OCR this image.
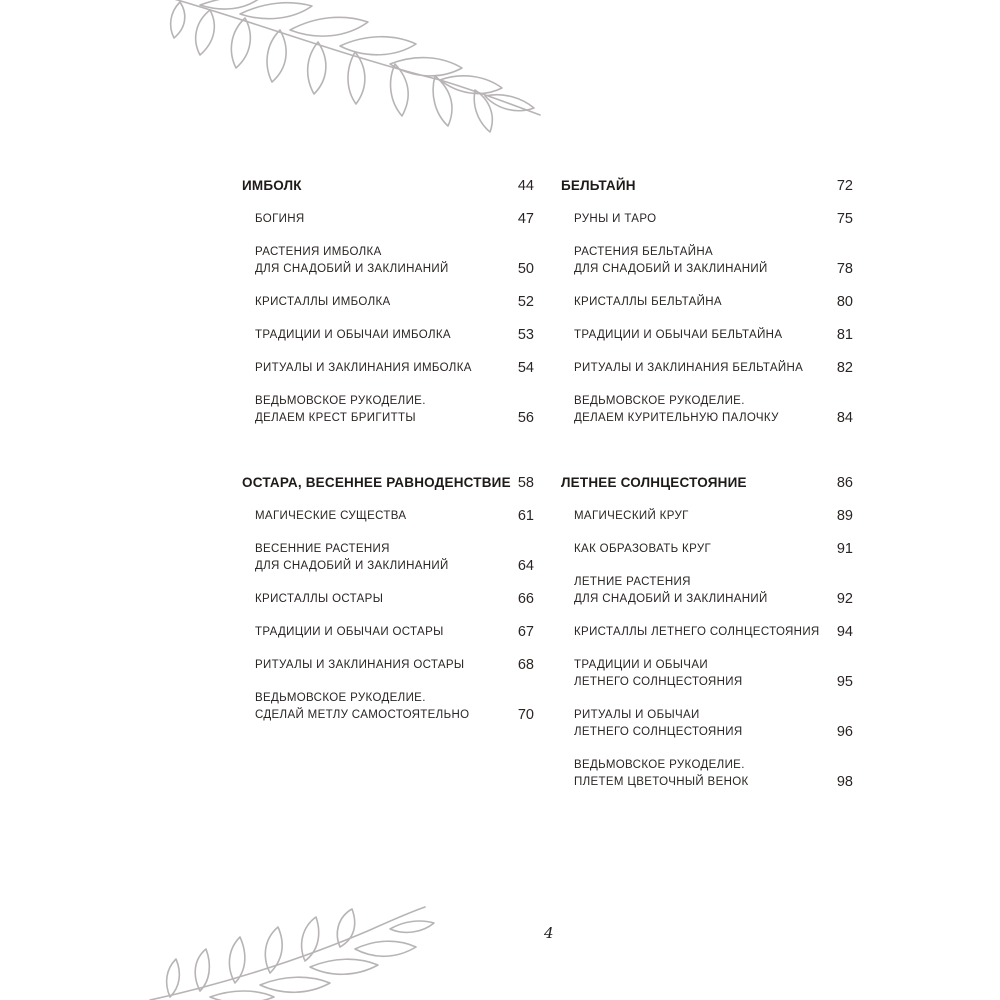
ИМБОЛК	44
БОГИНЯ	47
РАСТЕНИЯ ИМБОЛКА
ДЛЯ СНАДОБИЙ И ЗАКЛИНАНИЙ	50
КРИСТАЛЛЫ ИМБОЛКА	52
ТРАДИЦИИ И ОБЫЧАИ ИМБОЛКА	53
РИТУАЛЫ И ЗАКЛИНАНИЯ ИМБОЛКА	54
ВЕДЬМОВСКОЕ РУКОДЕЛИЕ.
ДЕЛАЕМ КРЕСТ БРИГИТТЫ	56
БЕЛЬТАЙН	72
РУНЫ И ТАРО	75
РАСТЕНИЯ БЕЛЬТАЙНА
ДЛЯ СНАДОБИЙ И ЗАКЛИНАНИЙ	78
КРИСТАЛЛЫ БЕЛЬТАЙНА	80
ТРАДИЦИИ И ОБЫЧАИ БЕЛЬТАЙНА	81
РИТУАЛЫ И ЗАКЛИНАНИЯ БЕЛЬТАЙНА	82
ВЕДЬМОВСКОЕ РУКОДЕЛИЕ.
ДЕЛАЕМ КУРИТЕЛЬНУЮ ПАЛОЧКУ	84
ОСТАРА, ВЕСЕННЕЕ РАВНОДЕНСТВИЕ 58
МАГИЧЕСКИЕ СУЩЕСТВА	61
ВЕСЕННИЕ РАСТЕНИЯ
ДЛЯ СНАДОБИЙ И ЗАКЛИНАНИЙ	64
КРИСТАЛЛЫ ОСТАРЫ	66
ТРАДИЦИИ И ОБЫЧАИ ОСТАРЫ	67
РИТУАЛЫ И ЗАКЛИНАНИЯ ОСТАРЫ	68
ВЕДЬМОВСКОЕ РУКОДЕЛИЕ.
СДЕЛАЙ МЕТЛУ САМОСТОЯТЕЛЬНО	70
ЛЕТНЕЕ СОЛНЦЕСТОЯНИЕ	86
МАГИЧЕСКИЙ КРУГ	89
КАК ОБРАЗОВАТЬ КРУГ	91
ЛЕТНИЕ РАСТЕНИЯ
ДЛЯ СНАДОБИЙ И ЗАКЛИНАНИЙ	92
КРИСТАЛЛЫ ЛЕТНЕГО СОЛНЦЕСТОЯНИЯ	94
ТРАДИЦИИ И ОБЫЧАИ
ЛЕТНЕГО СОЛНЦЕСТОЯНИЯ	95
РИТУАЛЫ И ОБЫЧАИ
ЛЕТНЕГО СОЛНЦЕСТОЯНИЯ	96
ВЕДЬМОВСКОЕ РУКОДЕЛИЕ.
ПЛЕТЕМ ЦВЕТОЧНЫЙ ВЕНОК	98
4
